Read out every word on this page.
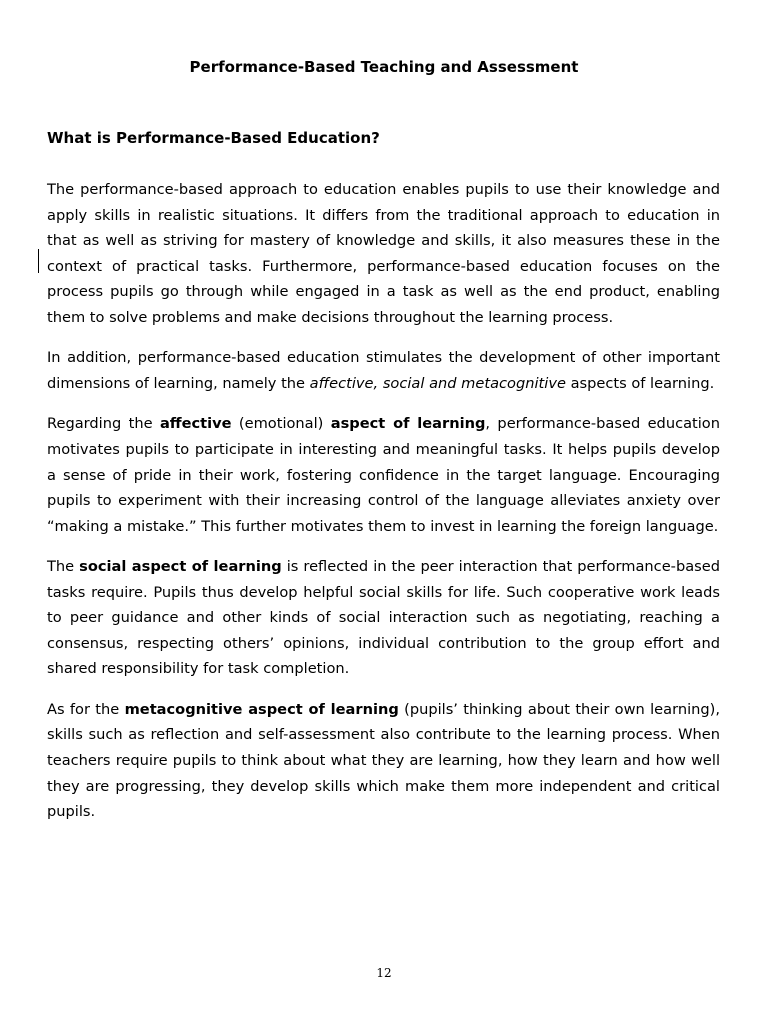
Performance-Based Teaching and Assessment
What is Performance-Based Education?

The performance-based approach to education enables pupils to use their knowledge and apply skills in realistic situations. It differs from the traditional approach to education in that as well as striving for mastery of knowledge and skills, it also measures these in the context of practical tasks. Furthermore, performance-based education focuses on the process pupils go through while engaged in a task as well as the end product, enabling them to solve problems and make decisions throughout the learning process.

In addition, performance-based education stimulates the development of other important dimensions of learning, namely the affective, social and metacognitive aspects of learning.

Regarding the affective (emotional) aspect of learning, performance-based education motivates pupils to participate in interesting and meaningful tasks. It helps pupils develop a sense of pride in their work, fostering confidence in the target language. Encouraging pupils to experiment with their increasing control of the language alleviates anxiety over “making a mistake.” This further motivates them to invest in learning the foreign language.

The social aspect of learning is reflected in the peer interaction that performance-based tasks require. Pupils thus develop helpful social skills for life. Such cooperative work leads to peer guidance and other kinds of social interaction such as negotiating, reaching a consensus, respecting others’ opinions, individual contribution to the group effort and shared responsibility for task completion.

As for the metacognitive aspect of learning (pupils’ thinking about their own learning), skills such as reflection and self-assessment also contribute to the learning process. When teachers require pupils to think about what they are learning, how they learn and how well they are progressing, they develop skills which make them more independent and critical pupils.

12
